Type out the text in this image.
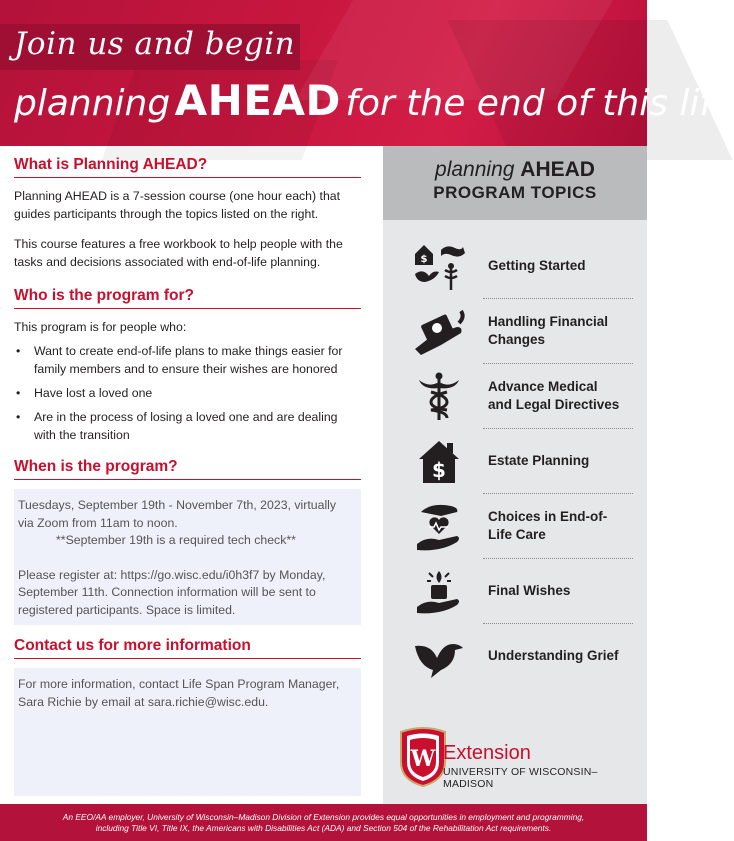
Join us and begin
planning AHEAD for the end of this life
What is Planning AHEAD?
Planning AHEAD is a 7-session course (one hour each) that guides participants through the topics listed on the right.
This course features a free workbook to help people with the tasks and decisions associated with end-of-life planning.
Who is the program for?
This program is for people who:
• Want to create end-of-life plans to make things easier for family members and to ensure their wishes are honored
• Have lost a loved one
• Are in the process of losing a loved one and are dealing with the transition
When is the program?
Tuesdays, September 19th - November 7th, 2023, virtually via Zoom from 11am to noon.
**September 19th is a required tech check**
Please register at: https://go.wisc.edu/i0h3f7 by Monday, September 11th. Connection information will be sent to registered participants. Space is limited.
Contact us for more information
For more information, contact Life Span Program Manager, Sara Richie by email at sara.richie@wisc.edu.
planning AHEAD
PROGRAM TOPICS
$	Getting Started
Handling Financial Changes
Advance Medical and Legal Directives
$	Estate Planning
Choices in End-of-Life Care
Final Wishes
Understanding Grief
W Extension
UNIVERSITY OF WISCONSIN–MADISON
An EEO/AA employer, University of Wisconsin–Madison Division of Extension provides equal opportunities in employment and programming,
including Title VI, Title IX, the Americans with Disabilities Act (ADA) and Section 504 of the Rehabilitation Act requirements.
